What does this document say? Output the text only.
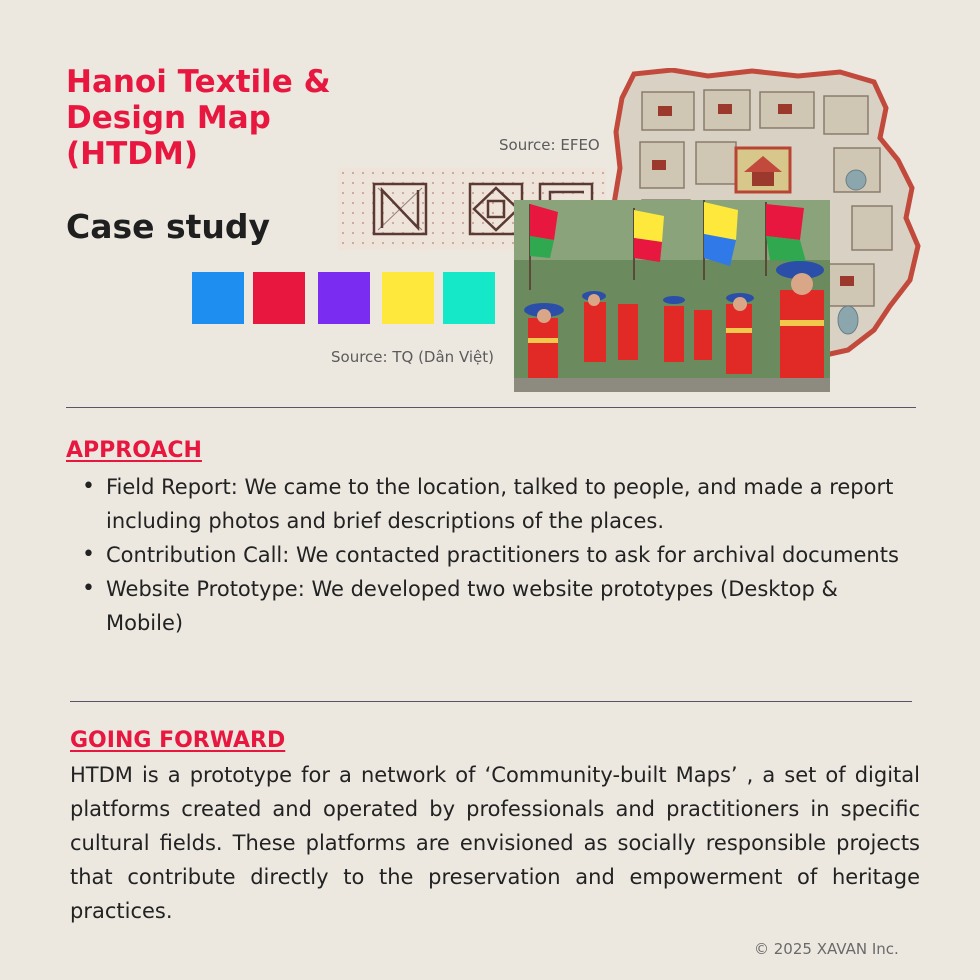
Hanoi Textile &
Design Map
(HTDM)
Case study
Source: EFEO
Source: TQ (Dân Việt)
APPROACH
• Field Report: We came to the location, talked to people, and made a report including photos and brief descriptions of the places.
• Contribution Call: We contacted practitioners to ask for archival documents
• Website Prototype: We developed two website prototypes (Desktop & Mobile)
GOING FORWARD

HTDM is a prototype for a network of ‘Community-built Maps’ , a set of digital platforms created and operated by professionals and practitioners in specific cultural fields. These platforms are envisioned as socially responsible projects that contribute directly to the preservation and empowerment of heritage practices.

© 2025 XAVAN Inc.
